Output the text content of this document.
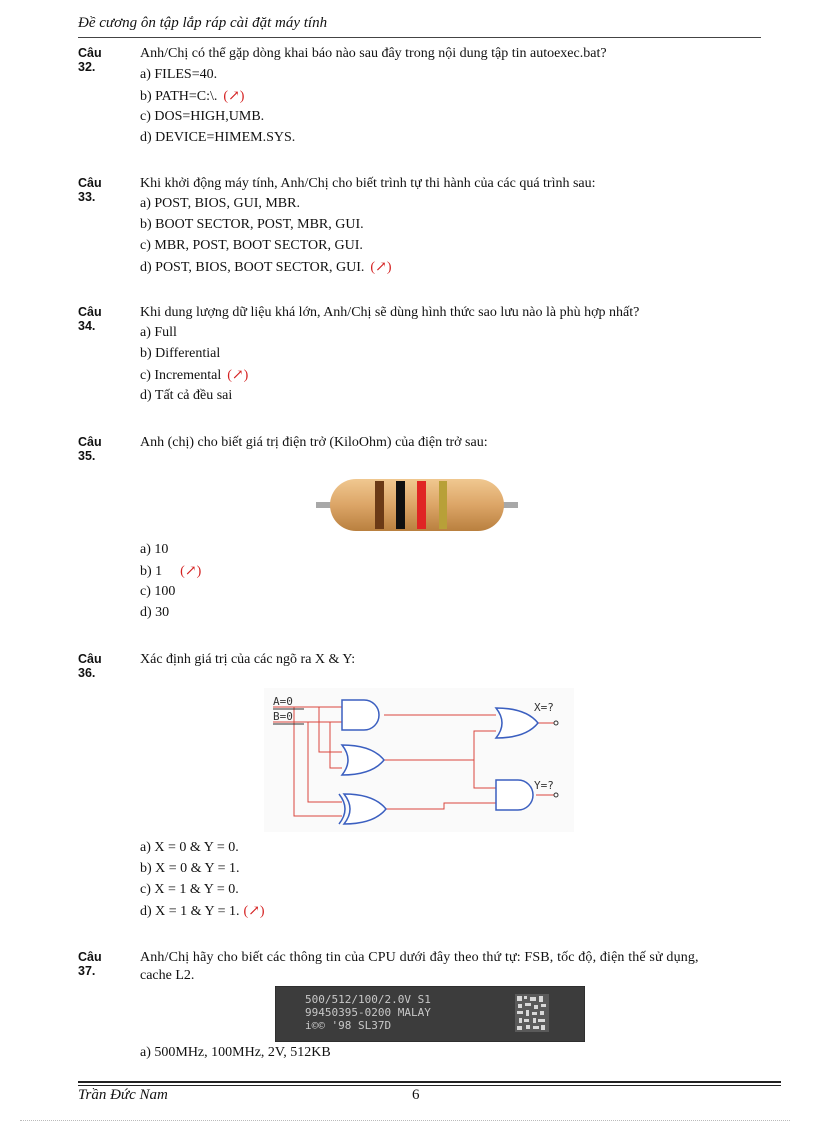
Đề cương ôn tập lắp ráp cài đặt máy tính
Câu 32.
Anh/Chị có thể gặp dòng khai báo nào sau đây trong nội dung tập tin autoexec.bat?
a) FILES=40.
b) PATH=C:\. (↗)
c) DOS=HIGH,UMB.
d) DEVICE=HIMEM.SYS.
Câu 33.
Khi khởi động máy tính, Anh/Chị cho biết trình tự thi hành của các quá trình sau:
a) POST, BIOS, GUI, MBR.
b) BOOT SECTOR, POST, MBR, GUI.
c) MBR, POST, BOOT SECTOR, GUI.
d) POST, BIOS, BOOT SECTOR, GUI. (↗)
Câu 34.
Khi dung lượng dữ liệu khá lớn, Anh/Chị sẽ dùng hình thức sao lưu nào là phù hợp nhất?
a) Full
b) Differential
c) Incremental (↗)
d) Tất cả đều sai
Câu 35.
Anh (chị) cho biết giá trị điện trở (KiloOhm) của điện trở sau:
a) 10
b) 1 (↗)
c) 100
d) 30
Câu 36.
Xác định giá trị của các ngõ ra X & Y:
A=0
B=0
X=?
Y=?
a) X = 0 & Y = 0.
b) X = 0 & Y = 1.
c) X = 1 & Y = 0.
d) X = 1 & Y = 1. (↗)
Câu 37.
Anh/Chị hãy cho biết các thông tin của CPU dưới đây theo thứ tự: FSB, tốc độ, điện thế sử dụng,
cache L2.
500/512/100/2.0V S1
99450395-0200 MALAY
i©© '98 SL37D
a) 500MHz, 100MHz, 2V, 512KB
Trần Đức Nam	6
